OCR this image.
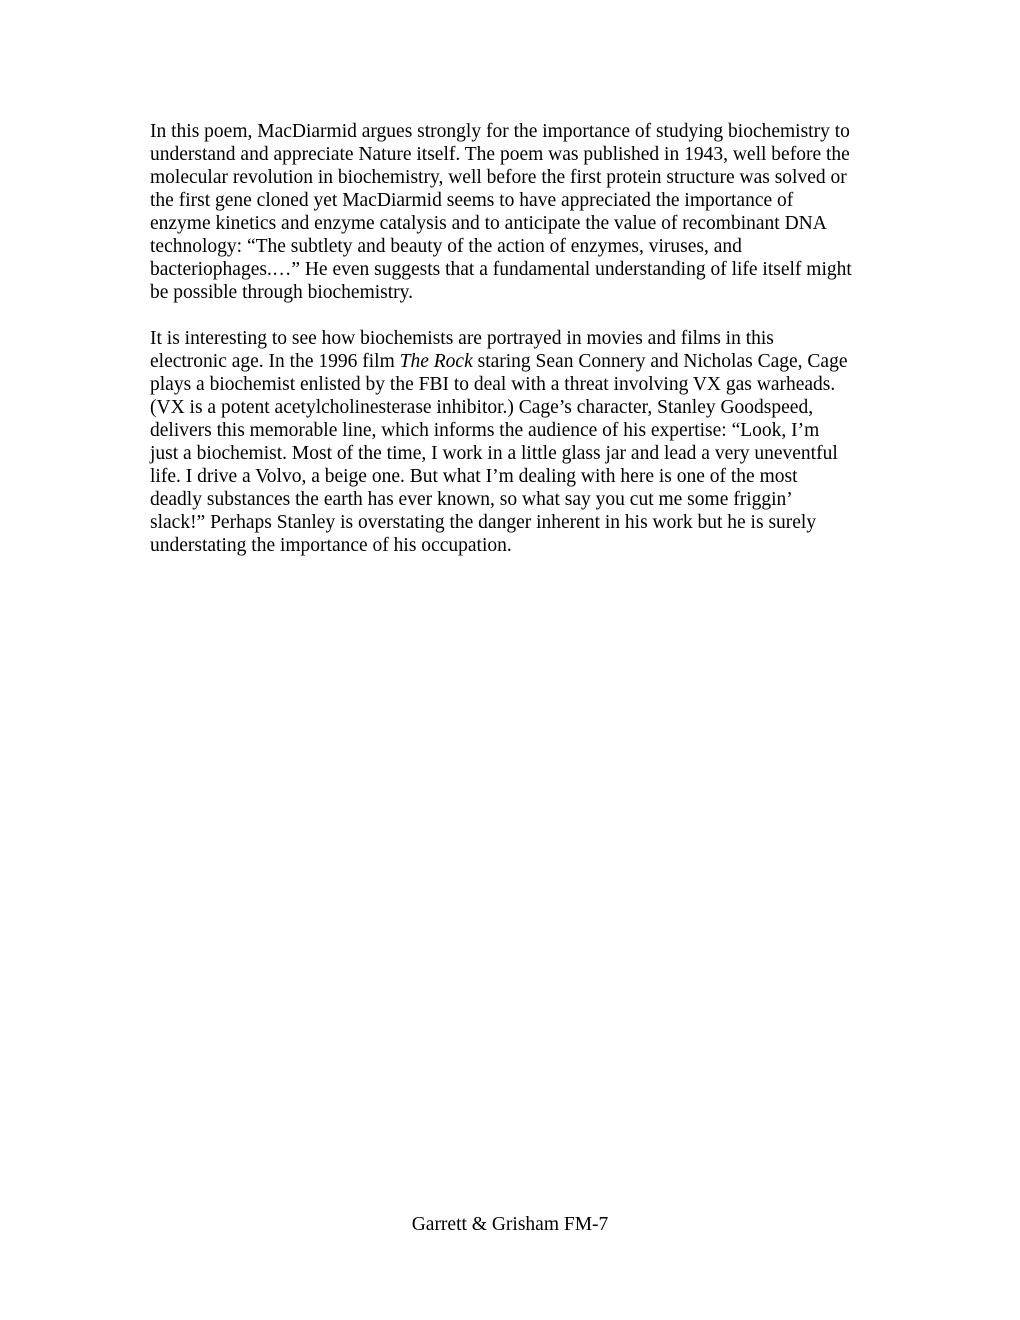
In this poem, MacDiarmid argues strongly for the importance of studying biochemistry to
understand and appreciate Nature itself. The poem was published in 1943, well before the
molecular revolution in biochemistry, well before the first protein structure was solved or
the first gene cloned yet MacDiarmid seems to have appreciated the importance of
enzyme kinetics and enzyme catalysis and to anticipate the value of recombinant DNA
technology: “The subtlety and beauty of the action of enzymes, viruses, and
bacteriophages.…” He even suggests that a fundamental understanding of life itself might
be possible through biochemistry.

It is interesting to see how biochemists are portrayed in movies and films in this
electronic age. In the 1996 film The Rock staring Sean Connery and Nicholas Cage, Cage
plays a biochemist enlisted by the FBI to deal with a threat involving VX gas warheads.
(VX is a potent acetylcholinesterase inhibitor.) Cage’s character, Stanley Goodspeed,
delivers this memorable line, which informs the audience of his expertise: “Look, I’m
just a biochemist. Most of the time, I work in a little glass jar and lead a very uneventful
life. I drive a Volvo, a beige one. But what I’m dealing with here is one of the most
deadly substances the earth has ever known, so what say you cut me some friggin’
slack!” Perhaps Stanley is overstating the danger inherent in his work but he is surely
understating the importance of his occupation.

Garrett & Grisham FM-7
